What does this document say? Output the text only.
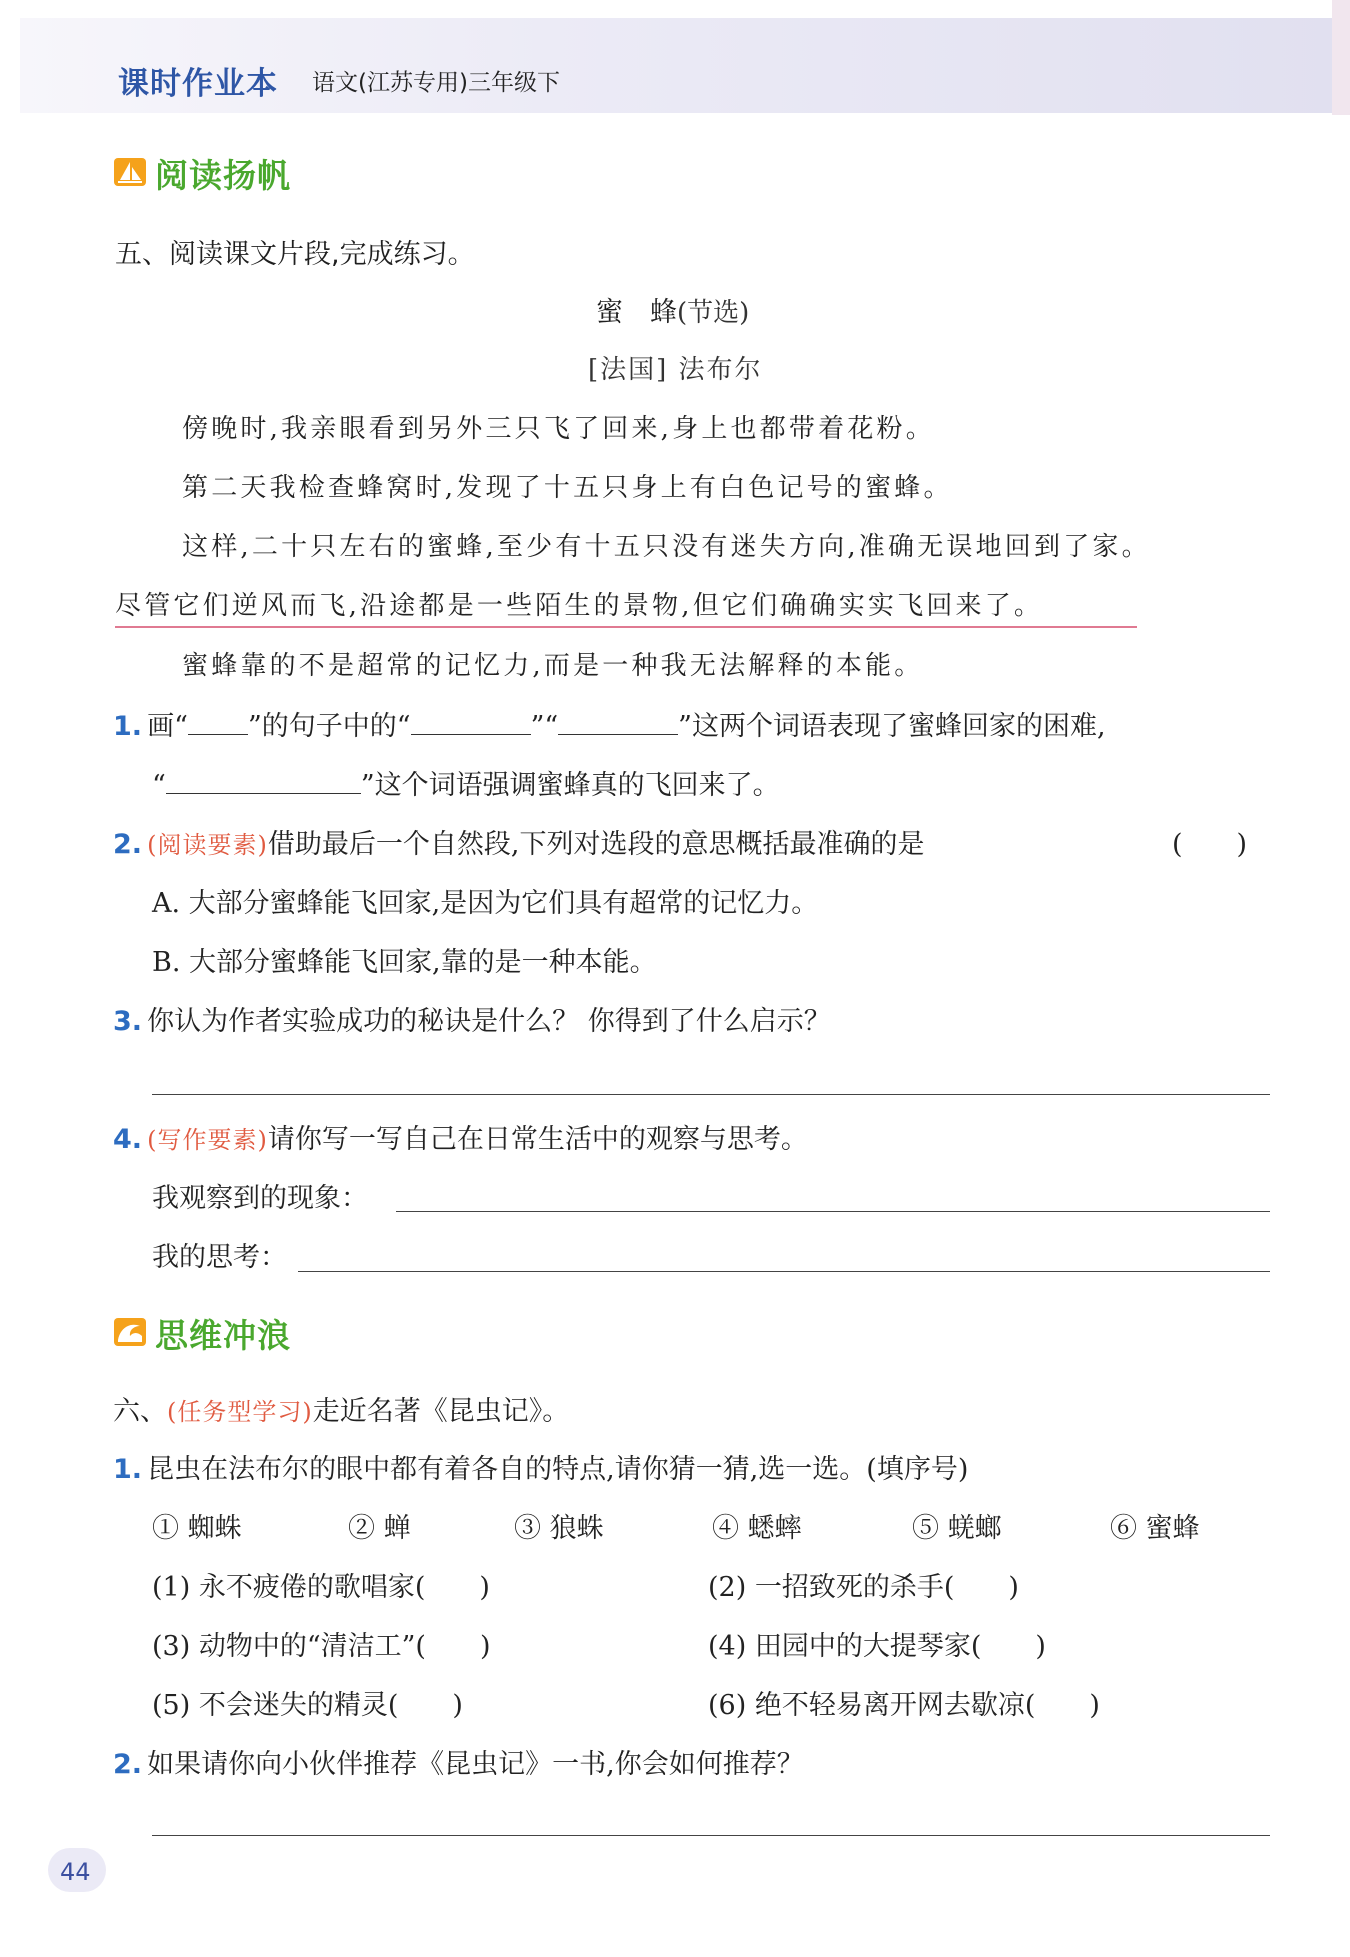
课时作业本 语文(江苏专用)三年级下
阅读扬帆
五、阅读课文片段,完成练习。
蜜　蜂(节选)
[法国] 法布尔
傍晚时,我亲眼看到另外三只飞了回来,身上也都带着花粉。
第二天我检查蜂窝时,发现了十五只身上有白色记号的蜜蜂。
这样,二十只左右的蜜蜂,至少有十五只没有迷失方向,准确无误地回到了家。
尽管它们逆风而飞,沿途都是一些陌生的景物,但它们确确实实飞回来了。
蜜蜂靠的不是超常的记忆力,而是一种我无法解释的本能。
1. 画“ ”的句子中的“	”“	”这两个词语表现了蜜蜂回家的困难,
“	”这个词语强调蜜蜂真的飞回来了。
2. (阅读要素)借助最后一个自然段,下列对选段的意思概括最准确的是	(　　)
A. 大部分蜜蜂能飞回家,是因为它们具有超常的记忆力。
B. 大部分蜜蜂能飞回家,靠的是一种本能。
3. 你认为作者实验成功的秘诀是什么？ 你得到了什么启示？
4. (写作要素)请你写一写自己在日常生活中的观察与思考。
我观察到的现象：
我的思考：
思维冲浪
六、(任务型学习)走近名著《昆虫记》。
1. 昆虫在法布尔的眼中都有着各自的特点,请你猜一猜,选一选。(填序号)
① 蜘蛛	② 蝉	③ 狼蛛	④ 蟋蟀	⑤ 蜣螂	⑥ 蜜蜂
(1) 永不疲倦的歌唱家(　　)	(2) 一招致死的杀手(　　)
(3) 动物中的“清洁工”(　　)	(4) 田园中的大提琴家(　　)
(5) 不会迷失的精灵(　　)	(6) 绝不轻易离开网去歇凉(　　)
2. 如果请你向小伙伴推荐《昆虫记》一书,你会如何推荐？
44
